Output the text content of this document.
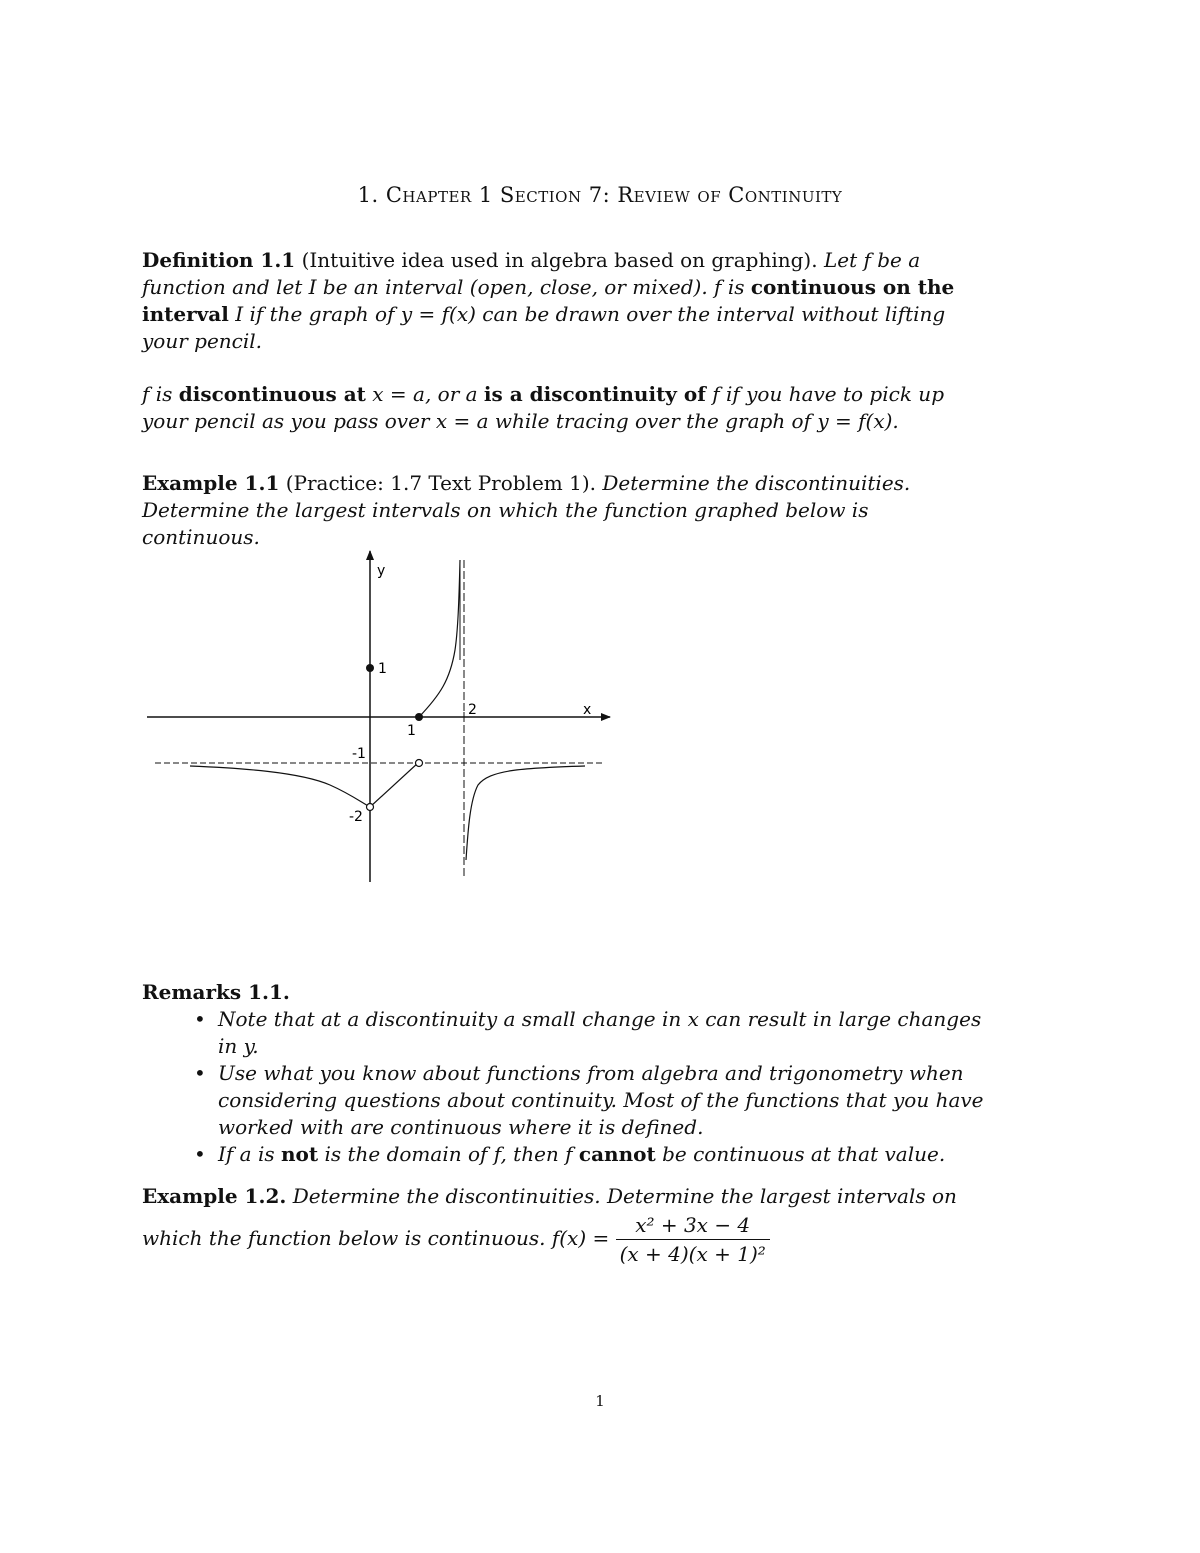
1. Chapter 1 Section 7: Review of Continuity
Definition 1.1 (Intuitive idea used in algebra based on graphing). Let f be a function and let I be an interval (open, close, or mixed). f is continuous on the interval I if the graph of y = f(x) can be drawn over the interval without lifting your pencil.
f is discontinuous at x = a, or a is a discontinuity of f if you have to pick up your pencil as you pass over x = a while tracing over the graph of y = f(x).
Example 1.1 (Practice: 1.7 Text Problem 1). Determine the discontinuities. Determine the largest intervals on which the function graphed below is continuous.
y
x
1
2
1
-1
-2
Remarks 1.1.
• Note that at a discontinuity a small change in x can result in large changes in y.
• Use what you know about functions from algebra and trigonometry when considering questions about continuity. Most of the functions that you have worked with are continuous where it is defined.
• If a is not is the domain of f, then f cannot be continuous at that value.
Example 1.2. Determine the discontinuities. Determine the largest intervals on
which the function below is continuous. $f(x) = \frac{\text{x² + 3x − 4}}{\text{(x + 4)(x + 1)²}}$
1
